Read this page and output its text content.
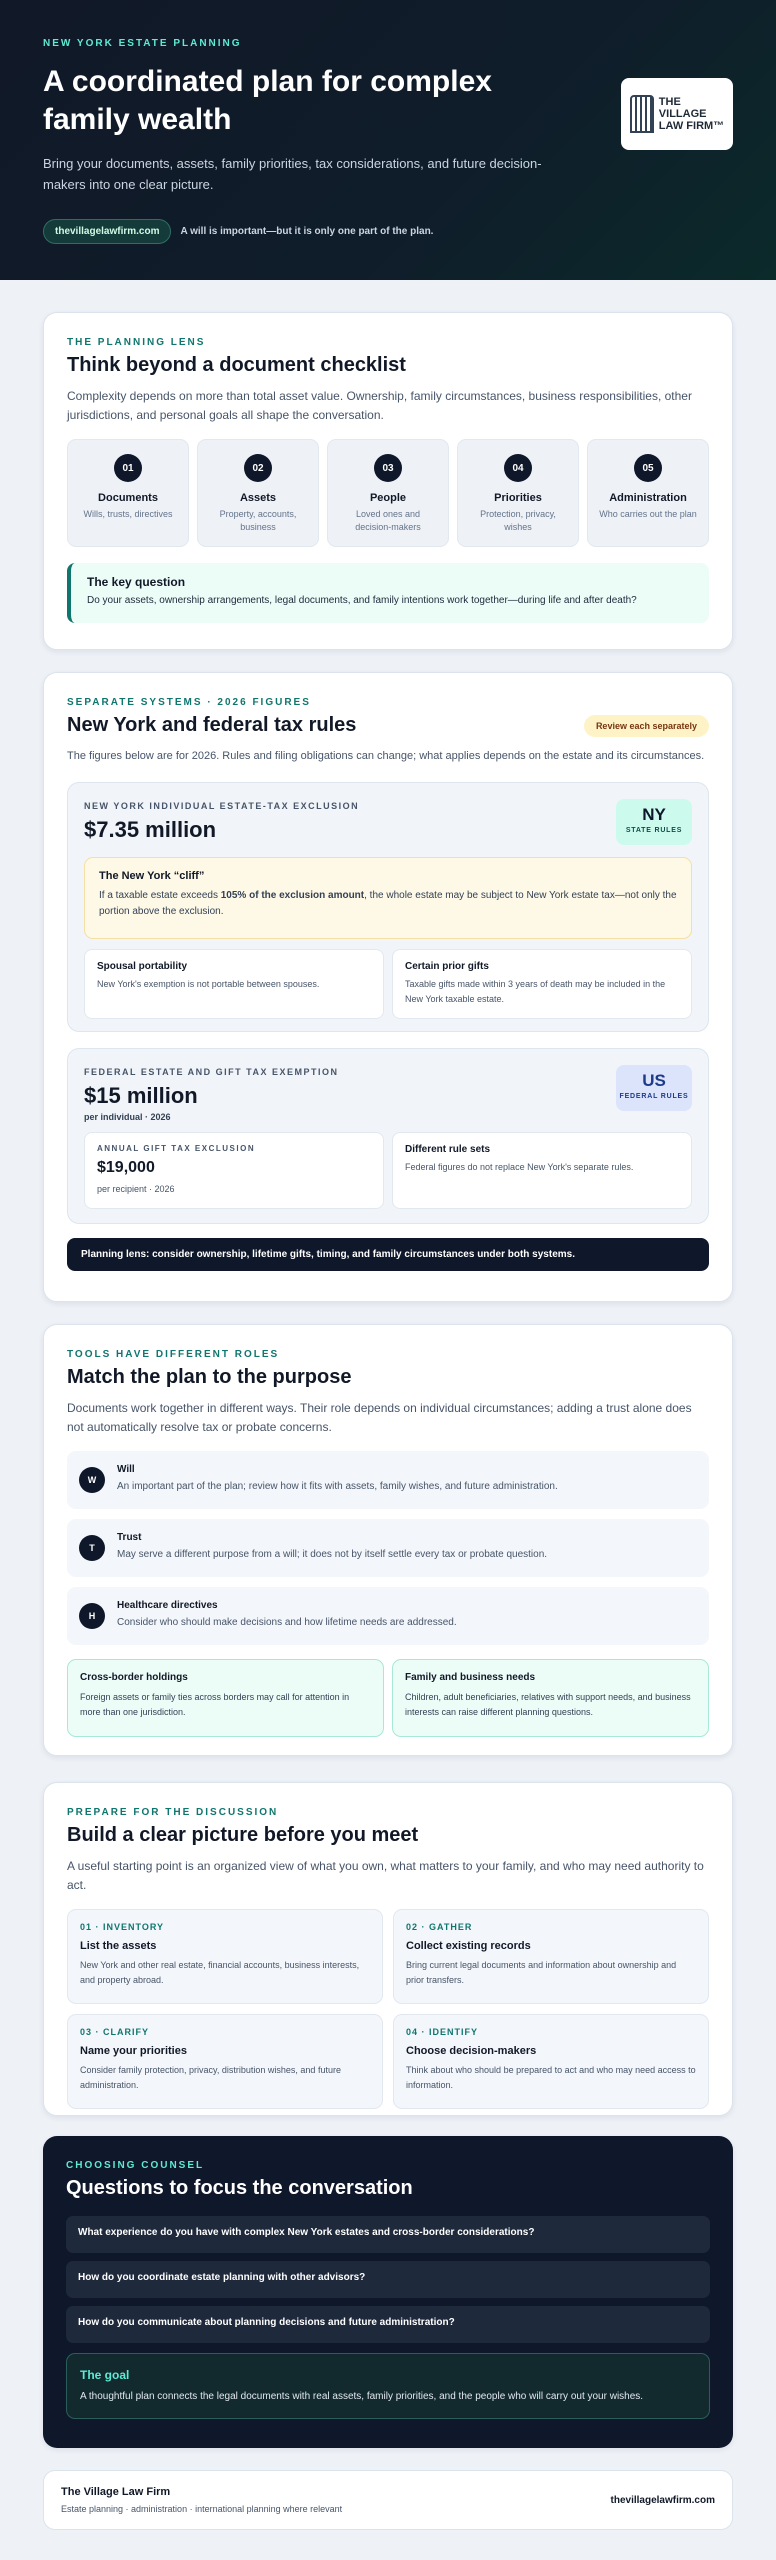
NEW YORK ESTATE PLANNING
A coordinated plan for complex family wealth

Bring your documents, assets, family priorities, tax considerations, and future decision-makers into one clear picture.

thevillagelawfirm.com	A will is important—but it is only one part of the plan.
THE
VILLAGE
LAW FIRM™
THE PLANNING LENS
Think beyond a document checklist

Complexity depends on more than total asset value. Ownership, family circumstances, business responsibilities, other jurisdictions, and personal goals all shape the conversation.

01
Documents

Wills, trusts, directives

02
Assets

Property, accounts, business

03
People

Loved ones and decision-makers

04
Priorities

Protection, privacy, wishes

05
Administration

Who carries out the plan

The key question

Do your assets, ownership arrangements, legal documents, and family intentions work together—during life and after death?

SEPARATE SYSTEMS · 2026 FIGURES
New York and federal tax rules	Review each separately

The figures below are for 2026. Rules and filing obligations can change; what applies depends on the estate and its circumstances.

NEW YORK INDIVIDUAL ESTATE-TAX EXCLUSION
$7.35 million
NY
STATE RULES
The New York “cliff”

If a taxable estate exceeds 105% of the exclusion amount, the whole estate may be subject to New York estate tax—not only the portion above the exclusion.

Spousal portability

New York's exemption is not portable between spouses.

Certain prior gifts

Taxable gifts made within 3 years of death may be included in the New York taxable estate.

FEDERAL ESTATE AND GIFT TAX EXEMPTION
$15 million
per individual · 2026
US
FEDERAL RULES
ANNUAL GIFT TAX EXCLUSION
$19,000

per recipient · 2026

Different rule sets

Federal figures do not replace New York's separate rules.

Planning lens: consider ownership, lifetime gifts, timing, and family circumstances under both systems.
TOOLS HAVE DIFFERENT ROLES
Match the plan to the purpose

Documents work together in different ways. Their role depends on individual circumstances; adding a trust alone does not automatically resolve tax or probate concerns.

W
Will

An important part of the plan; review how it fits with assets, family wishes, and future administration.

T
Trust

May serve a different purpose from a will; it does not by itself settle every tax or probate question.

H
Healthcare directives

Consider who should make decisions and how lifetime needs are addressed.

Cross-border holdings

Foreign assets or family ties across borders may call for attention in more than one jurisdiction.

Family and business needs

Children, adult beneficiaries, relatives with support needs, and business interests can raise different planning questions.

PREPARE FOR THE DISCUSSION
Build a clear picture before you meet

A useful starting point is an organized view of what you own, what matters to your family, and who may need authority to act.

01 · INVENTORY
List the assets

New York and other real estate, financial accounts, business interests, and property abroad.

02 · GATHER
Collect existing records

Bring current legal documents and information about ownership and prior transfers.

03 · CLARIFY
Name your priorities

Consider family protection, privacy, distribution wishes, and future administration.

04 · IDENTIFY
Choose decision-makers

Think about who should be prepared to act and who may need access to information.

CHOOSING COUNSEL
Questions to focus the conversation
What experience do you have with complex New York estates and cross-border considerations?
How do you coordinate estate planning with other advisors?
How do you communicate about planning decisions and future administration?
The goal

A thoughtful plan connects the legal documents with real assets, family priorities, and the people who will carry out your wishes.

The Village Law Firm

Estate planning · administration · international planning where relevant

thevillagelawfirm.com
